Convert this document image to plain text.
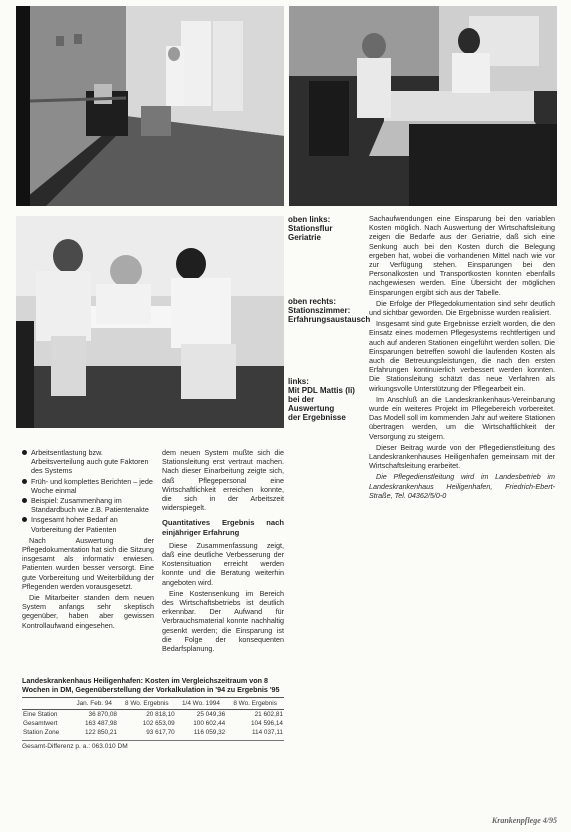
oben links:
Stationsflur
Geriatrie
oben rechts:
Stationszimmer:
Erfahrungsaustausch
links:
Mit PDL Mattis (li)
bei der
Auswertung
der Ergebnisse

Sachaufwendungen eine Einsparung bei den variablen Kosten möglich. Nach Auswertung der Wirtschaftsleitung zeigen die Bedarfe aus der Geriatrie, daß sich eine Senkung auch bei den Kosten durch die Belegung ergeben hat, wobei die vorhandenen Mittel nach wie vor zur Verfügung stehen. Einsparungen bei den Personalkosten und Transportkosten konnten ebenfalls nachgewiesen werden. Eine Übersicht der möglichen Einsparungen ergibt sich aus der Tabelle.

Die Erfolge der Pflegedokumentation sind sehr deutlich und sichtbar geworden. Die Ergebnisse wurden realisiert.

Insgesamt sind gute Ergebnisse erzielt worden, die den Einsatz eines modernen Pflegesystems rechtfertigen und auch auf anderen Stationen eingeführt werden sollen. Die Einsparungen betreffen sowohl die laufenden Kosten als auch die Betreuungsleistungen, die nach den ersten Erfahrungen kontinuierlich verbessert werden konnten. Die Stationsleitung schätzt das neue Verfahren als wirkungsvolle Unterstützung der Pflegearbeit ein.

Im Anschluß an die Landeskrankenhaus-Vereinbarung wurde ein weiteres Projekt im Pflegebereich vorbereitet. Das Modell soll im kommenden Jahr auf weitere Stationen übertragen werden, um die Wirtschaftlichkeit der Versorgung zu steigern.

Dieser Beitrag wurde von der Pflegedienstleitung des Landeskrankenhauses Heiligenhafen gemeinsam mit der Wirtschaftsleitung erarbeitet.

Die Pflegedienstleitung wird im Landesbetrieb im Landeskrankenhaus Heiligenhafen, Friedrich-Ebert-Straße, Tel. 04362/5/0-0

Arbeitsentlastung bzw. Arbeitsverteilung auch gute Faktoren des Systems
Früh- und komplettes Berichten – jede Woche einmal
Beispiel: Zusammenhang im Standardbuch wie z.B. Patientenakte
Insgesamt hoher Bedarf an Vorbereitung der Patienten

Nach Auswertung der Pflegedokumentation hat sich die Sitzung insgesamt als informativ erwiesen. Patienten wurden besser versorgt. Eine gute Vorbereitung und Weiterbildung der Pflegenden werden vorausgesetzt.

Die Mitarbeiter standen dem neuen System anfangs sehr skeptisch gegenüber, haben aber gewissen Kontrollaufwand eingesehen.

dem neuen System mußte sich die Stationsleitung erst vertraut machen. Nach dieser Einarbeitung zeigte sich, daß Pflegepersonal eine Wirtschaftlichkeit erreichen konnte, die sich in der Arbeitszeit widerspiegelt.

Quantitatives Ergebnis nach einjähriger Erfahrung

Diese Zusammenfassung zeigt, daß eine deutliche Verbesserung der Kostensituation erreicht werden konnte und die Beratung weiterhin angeboten wird.

Eine Kostensenkung im Bereich des Wirtschaftsbetriebs ist deutlich erkennbar. Der Aufwand für Verbrauchsmaterial konnte nachhaltig gesenkt werden; die Einsparung ist die Folge der konsequenten Bedarfsplanung.

Landeskrankenhaus Heiligenhafen: Kosten im Vergleichszeitraum von 8 Wochen in DM, Gegenüberstellung der Vorkalkulation in '94 zu Ergebnis '95
	Jan. Feb. 94	8 Wo. Ergebnis	1/4 Wo. 1994	8 Wo. Ergebnis
Eine Station	36 870,08	20 818,10	25 049,36	21 602,81
Gesamtwert	163 487,98	102 653,09	100 602,44	104 596,14
Station Zone	122 850,21	93 617,70	116 059,32	114 037,11
Gesamt-Differenz p. a.: 063.010 DM
Krankenpflege 4/95
